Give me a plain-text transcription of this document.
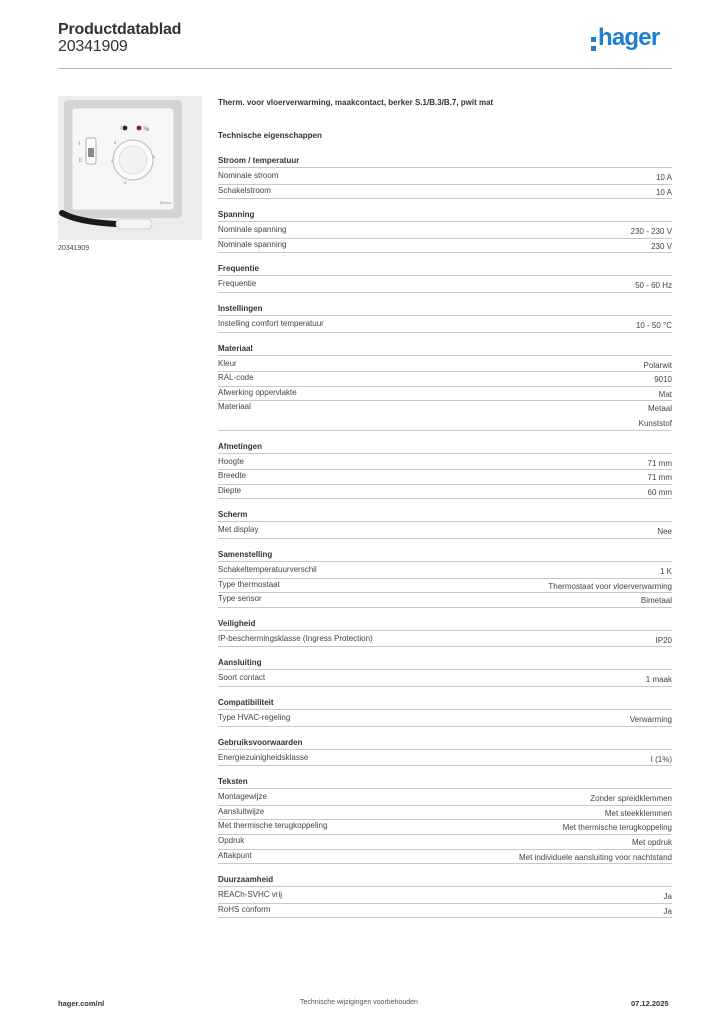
Productdatablad
20341909	hager
I
0
☾	%
5
2
4
3
Berker
20341909
Therm. voor vloerverwarming, maakcontact, berker S.1/B.3/B.7, pwit mat
Technische eigenschappen
Stroom / temperatuur
Nominale stroom	10 A
Schakelstroom	10 A
Spanning
Nominale spanning	230 - 230 V
Nominale spanning	230 V
Frequentie
Frequentie	50 - 60 Hz
Instellingen
Instelling comfort temperatuur	10 - 50 °C
Materiaal
Kleur	Polarwit
RAL-code	9010
Afwerking oppervlakte	Mat
Materiaal	Metaal
Kunststof
Afmetingen
Hoogte	71 mm
Breedte	71 mm
Diepte	60 mm
Scherm
Met display	Nee
Samenstelling
Schakeltemperatuurverschil	1 K
Type thermostaat	Thermostaat voor vloerverwarming
Type sensor	Bimetaal
Veiligheid
IP-beschermingsklasse (Ingress Protection)	IP20
Aansluiting
Soort contact	1 maak
Compatibiliteit
Type HVAC-regeling	Verwarming
Gebruiksvoorwaarden
Energiezuinigheidsklasse	I (1%)
Teksten
Montagewijze	Zonder spreidklemmen
Aansluitwijze	Met steekklemmen
Met thermische terugkoppeling	Met thermische terugkoppeling
Opdruk	Met opdruk
Aftakpunt	Met individuele aansluiting voor nachtstand
Duurzaamheid
REACh-SVHC vrij	Ja
RoHS conform	Ja
hager.com/nl	Technische wijzigingen voorbehouden	07.12.2025
